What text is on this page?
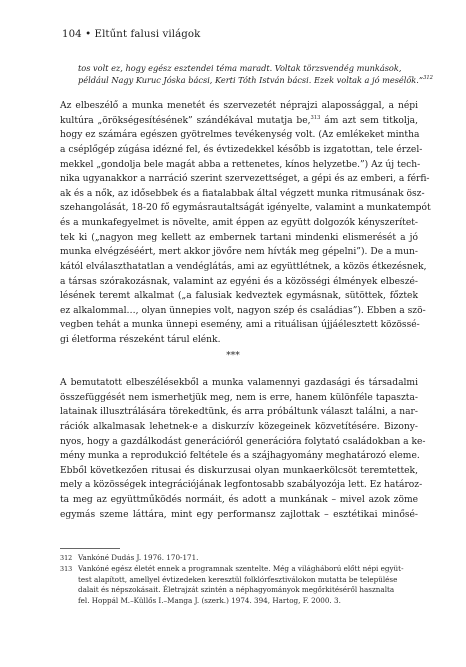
104 • Eltűnt falusi világok
tos volt ez, hogy egész esztendei téma maradt. Voltak törzsvendég munkások,
például Nagy Kuruc Jóska bácsi, Kerti Tóth István bácsi. Ezek voltak a jó mesélők.”$^{312}$
Az elbeszélő a munka menetét és szervezetét néprajzi alapossággal, a népi
kultúra „örökségesítésének” szándékával mutatja be,$^{313}$ ám azt sem titkolja,
hogy ez számára egészen gyötrelmes tevékenység volt. (Az emlékeket mintha
a cséplőgép zúgása idézné fel, és évtizedekkel később is izgatottan, tele érzel-
mekkel „gondolja bele magát abba a rettenetes, kínos helyzetbe.”) Az új tech-
nika ugyanakkor a narráció szerint szervezettséget, a gépi és az emberi, a férfi-
ak és a nők, az idősebbek és a fiatalabbak által végzett munka ritmusának ösz-
szehangolását, 18-20 fő egymásrautaltságát igényelte, valamint a munkatempót
és a munkafegyelmet is növelte, amit éppen az együtt dolgozók kényszerítet-
tek ki („nagyon meg kellett az embernek tartani mindenki elismerését a jó
munka elvégzéséért, mert akkor jövőre nem hívták meg gépelni”). De a mun-
kától elválaszthatatlan a vendéglátás, ami az együttlétnek, a közös étkezésnek,
a társas szórakozásnak, valamint az egyéni és a közösségi élmények elbeszé-
lésének teremt alkalmat („a falusiak kedveztek egymásnak, sütöttek, főztek
ez alkalommal…, olyan ünnepies volt, nagyon szép és családias”). Ebben a szö-
vegben tehát a munka ünnepi esemény, ami a rituálisan újjáélesztett közössé-
gi életforma részeként tárul elénk.
***
A bemutatott elbeszélésekből a munka valamennyi gazdasági és társadalmi
összefüggését nem ismerhetjük meg, nem is erre, hanem különféle tapaszta-
latainak illusztrálására törekedtünk, és arra próbáltunk választ találni, a nar-
rációk alkalmasak lehetnek-e a diskurzív közegeinek közvetítésére. Bizony-
nyos, hogy a gazdálkodást generációról generációra folytató családokban a ke-
mény munka a reprodukció feltétele és a szájhagyomány meghatározó eleme.
Ebből következően ritusai és diskurzusai olyan munkaerkölcsöt teremtettek,
mely a közösségek integrációjának legfontosabb szabályozója lett. Ez határoz-
ta meg az együttműködés normáit, és adott a munkának – mivel azok zöme
egymás szeme láttára, mint egy performansz zajlottak – esztétikai minősé-
312 Vankóné Dudás J. 1976. 170-171.
313 Vankóné egész életét ennek a programnak szentelte. Még a világháború előtt népi együt-
test alapított, amellyel évtizedeken keresztül folklórfesztiválokon mutatta be települése
dalait és népszokásait. Életrajzát szintén a néphagyományok megőrkitéséről hasznalta
fel. Hoppál M.–Küllős I.–Manga J. (szerk.) 1974. 394, Hartog, F. 2000. 3.
